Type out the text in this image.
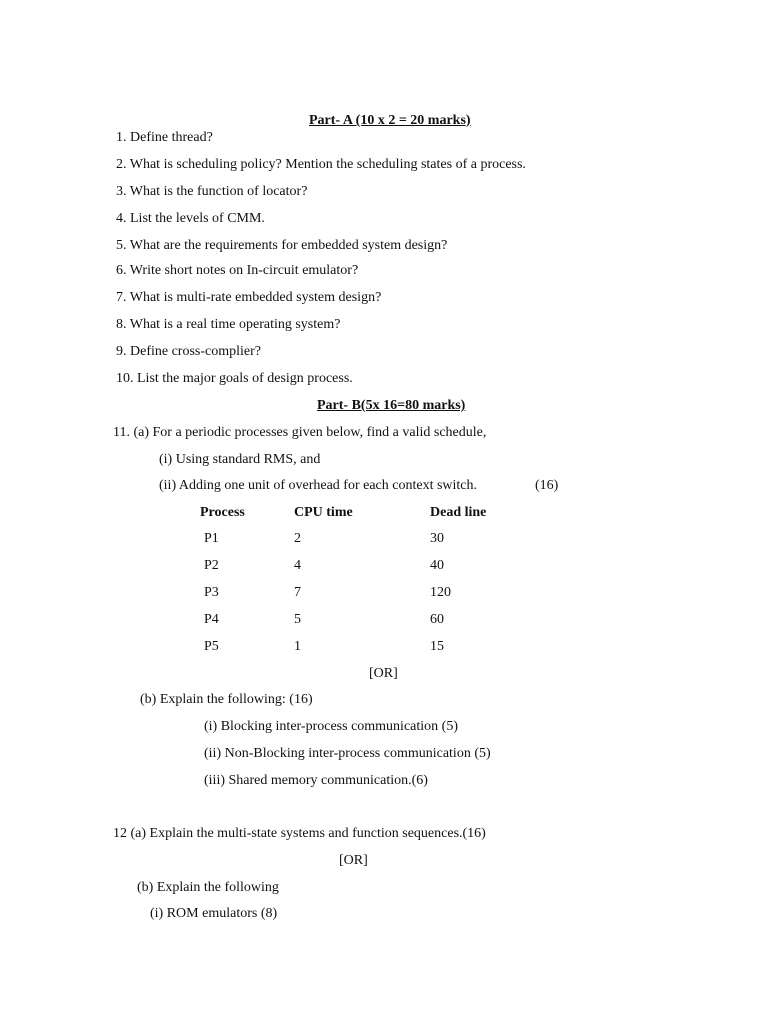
Part- A (10 x 2 = 20 marks)
1. Define thread?
2. What is scheduling policy? Mention the scheduling states of a process.
3. What is the function of locator?
4. List the levels of CMM.
5. What are the requirements for embedded system design?
6. Write short notes on In-circuit emulator?
7. What is multi-rate embedded system design?
8. What is a real time operating system?
9. Define cross-complier?
10. List the major goals of design process.
Part- B(5x 16=80 marks)
11. (a) For a periodic processes given below, find a valid schedule,
(i) Using standard RMS, and
(ii) Adding one unit of overhead for each context switch.	(16)
Process	CPU time	Dead line
P1	2	30
P2	4	40
P3	7	120
P4	5	60
P5	1	15
[OR]
(b) Explain the following: (16)
(i) Blocking inter-process communication (5)
(ii) Non-Blocking inter-process communication (5)
(iii) Shared memory communication.(6)
12 (a) Explain the multi-state systems and function sequences.(16)
[OR]
(b) Explain the following
(i) ROM emulators (8)
